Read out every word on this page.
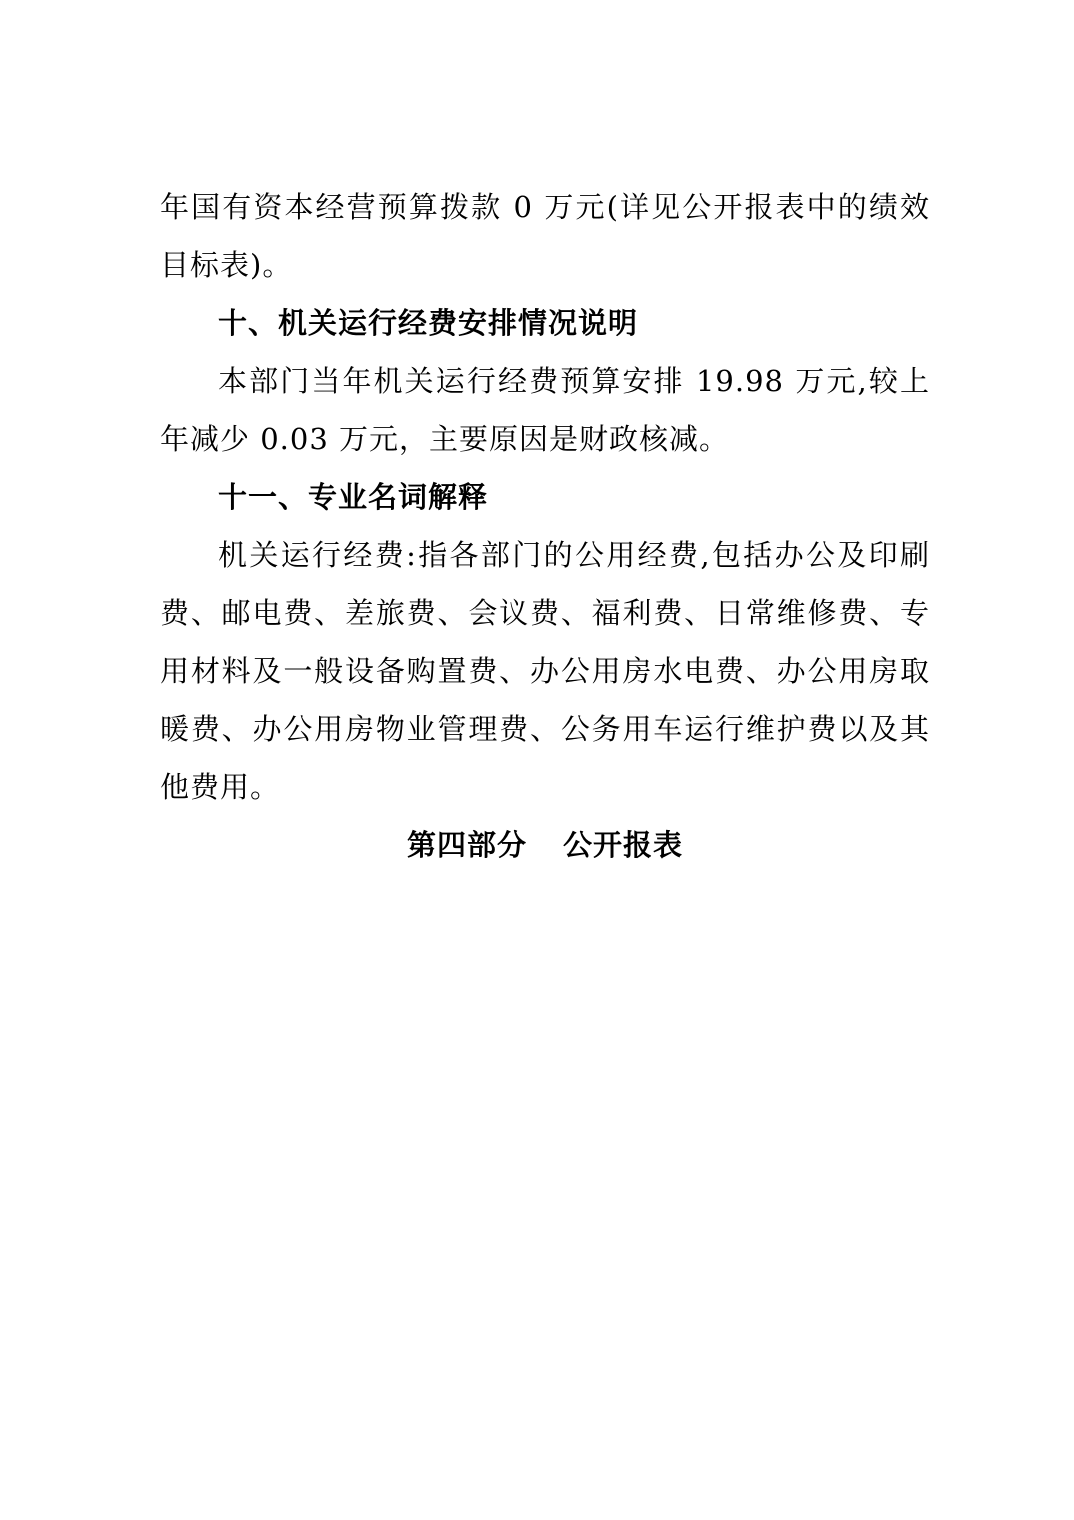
年国有资本经营预算拨款 0 万元(详见公开报表中的绩效目标表)。

十、机关运行经费安排情况说明

本部门当年机关运行经费预算安排 19.98 万元,较上年减少 0.03 万元，主要原因是财政核减。

十一、专业名词解释

机关运行经费:指各部门的公用经费,包括办公及印刷费、邮电费、差旅费、会议费、福利费、日常维修费、专用材料及一般设备购置费、办公用房水电费、办公用房取暖费、办公用房物业管理费、公务用车运行维护费以及其他费用。

第四部分 公开报表
